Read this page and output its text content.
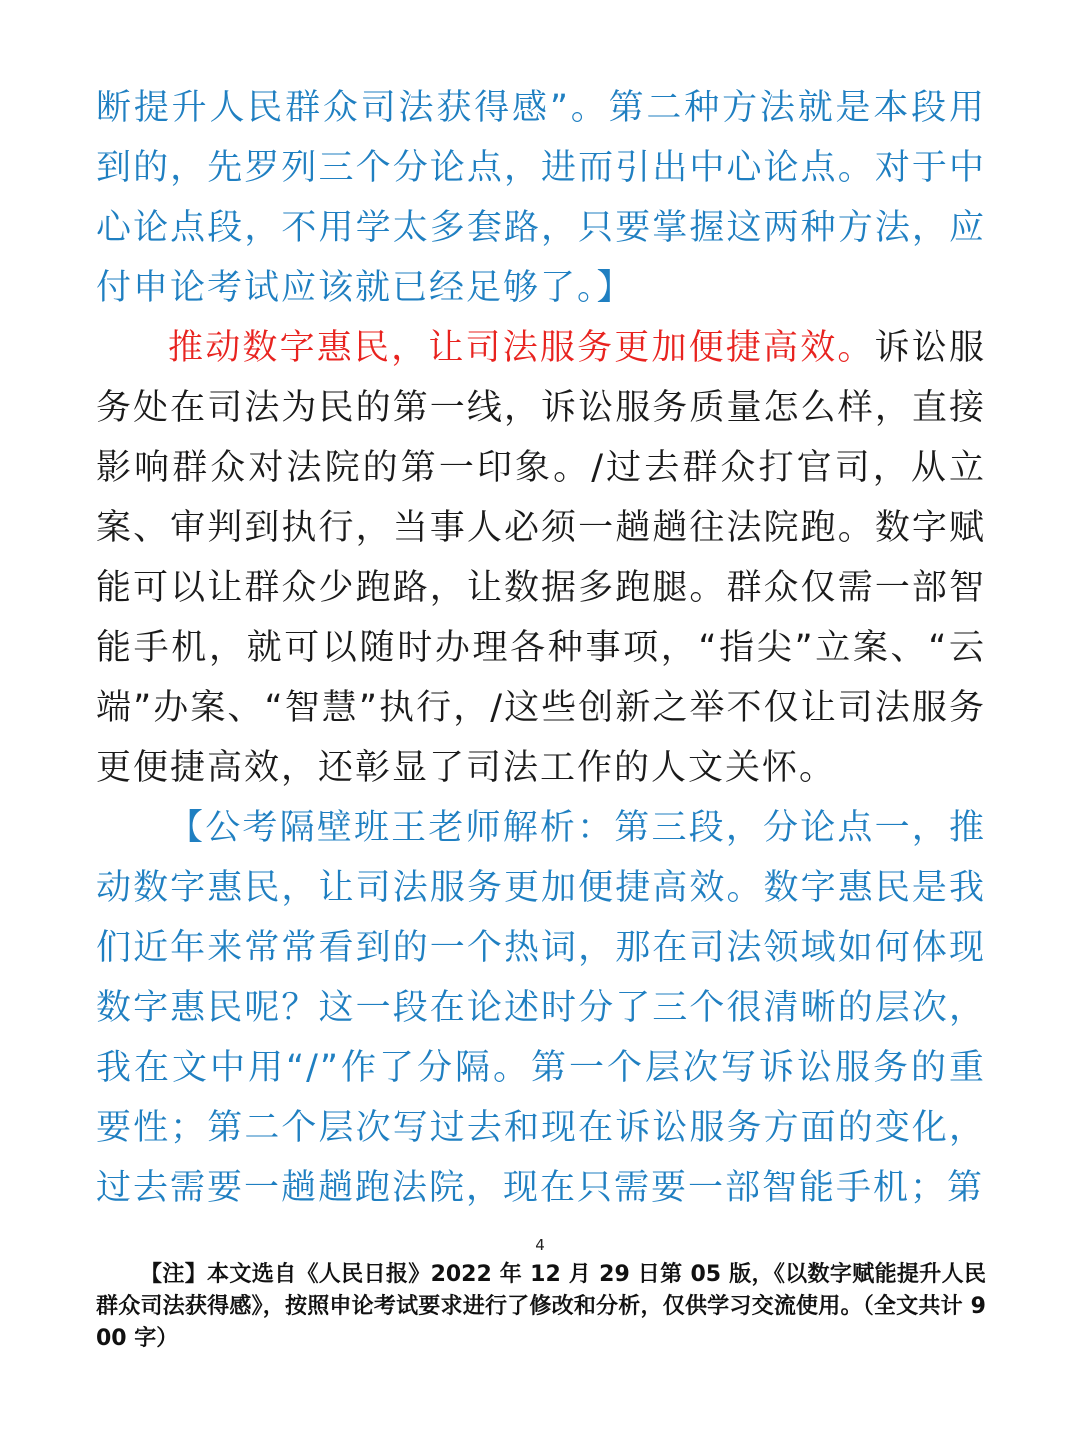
断提升人民群众司法获得感”。第二种方法就是本段用到的，先罗列三个分论点，进而引出中心论点。对于中心论点段，不用学太多套路，只要掌握这两种方法，应付申论考试应该就已经足够了。】

推动数字惠民，让司法服务更加便捷高效。诉讼服务处在司法为民的第一线，诉讼服务质量怎么样，直接影响群众对法院的第一印象。/过去群众打官司，从立案、审判到执行，当事人必须一趟趟往法院跑。数字赋能可以让群众少跑路，让数据多跑腿。群众仅需一部智能手机，就可以随时办理各种事项，“指尖”立案、“云端”办案、“智慧”执行，/这些创新之举不仅让司法服务更便捷高效，还彰显了司法工作的人文关怀。

【公考隔壁班王老师解析：第三段，分论点一，推动数字惠民，让司法服务更加便捷高效。数字惠民是我们近年来常常看到的一个热词，那在司法领域如何体现数字惠民呢？这一段在论述时分了三个很清晰的层次，我在文中用“/”作了分隔。第一个层次写诉讼服务的重要性；第二个层次写过去和现在诉讼服务方面的变化，过去需要一趟趟跑法院，现在只需要一部智能手机；第

4
【注】本文选自《人民日报》2022 年 12 月 29 日第 05 版，《以数字赋能提升人民群众司法获得感》，按照申论考试要求进行了修改和分析，仅供学习交流使用。（全文共计 900 字）
